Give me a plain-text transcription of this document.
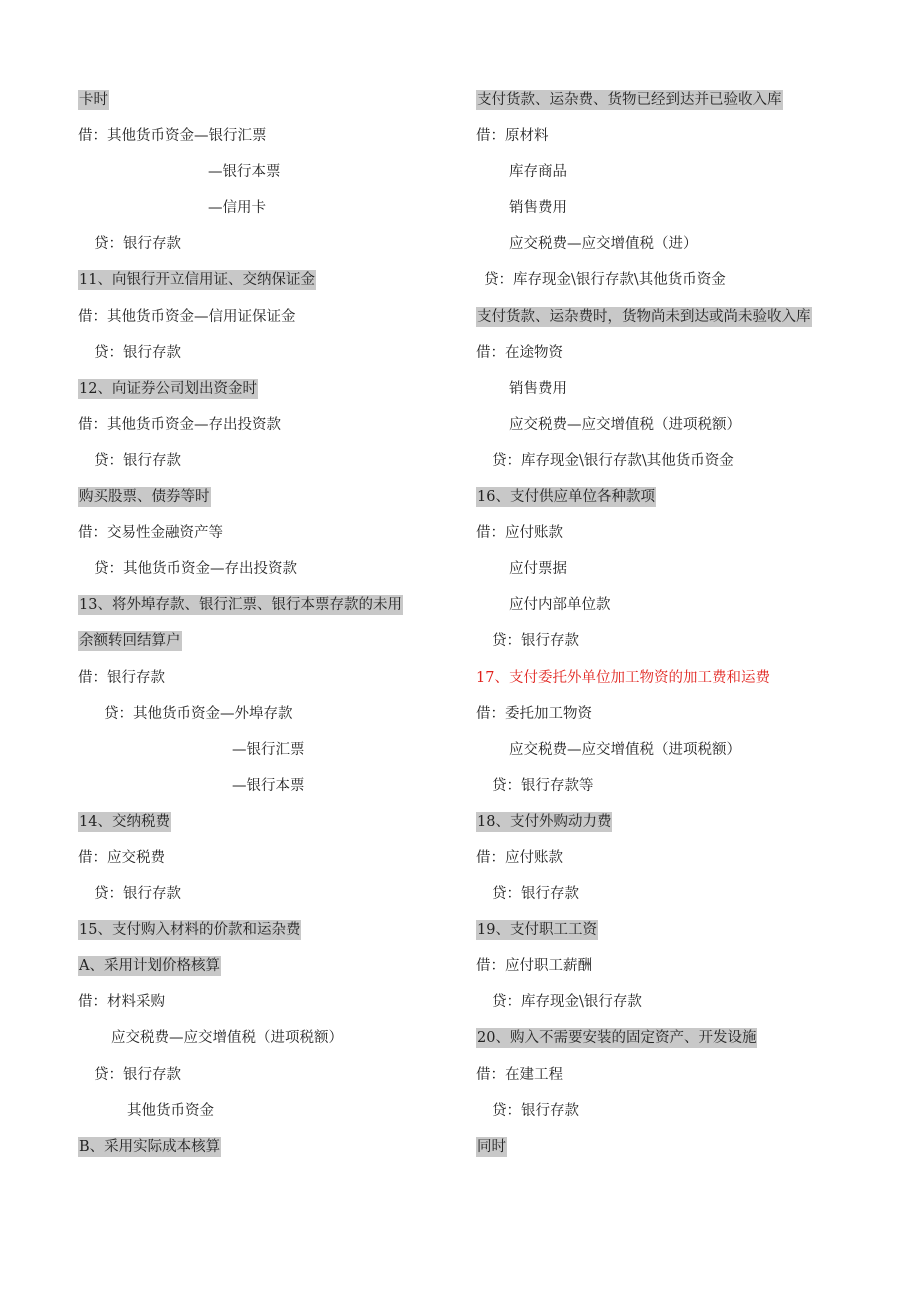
卡时
借：其他货币资金—银行汇票
—银行本票
—信用卡
贷：银行存款
11、向银行开立信用证、交纳保证金
借：其他货币资金—信用证保证金
贷：银行存款
12、向证券公司划出资金时
借：其他货币资金—存出投资款
贷：银行存款
购买股票、债券等时
借：交易性金融资产等
贷：其他货币资金—存出投资款
13、将外埠存款、银行汇票、银行本票存款的未用
余额转回结算户
借：银行存款
贷：其他货币资金—外埠存款
—银行汇票
—银行本票
14、交纳税费
借：应交税费
贷：银行存款
15、支付购入材料的价款和运杂费
A、采用计划价格核算
借：材料采购
应交税费—应交增值税（进项税额）
贷：银行存款
其他货币资金
B、采用实际成本核算
支付货款、运杂费、货物已经到达并已验收入库
借：原材料
库存商品
销售费用
应交税费—应交增值税（进）
贷：库存现金\银行存款\其他货币资金
支付货款、运杂费时，货物尚未到达或尚未验收入库
借：在途物资
销售费用
应交税费—应交增值税（进项税额）
贷：库存现金\银行存款\其他货币资金
16、支付供应单位各种款项
借：应付账款
应付票据
应付内部单位款
贷：银行存款
17、支付委托外单位加工物资的加工费和运费
借：委托加工物资
应交税费—应交增值税（进项税额）
贷：银行存款等
18、支付外购动力费
借：应付账款
贷：银行存款
19、支付职工工资
借：应付职工薪酬
贷：库存现金\银行存款
20、购入不需要安装的固定资产、开发设施
借：在建工程
贷：银行存款
同时
